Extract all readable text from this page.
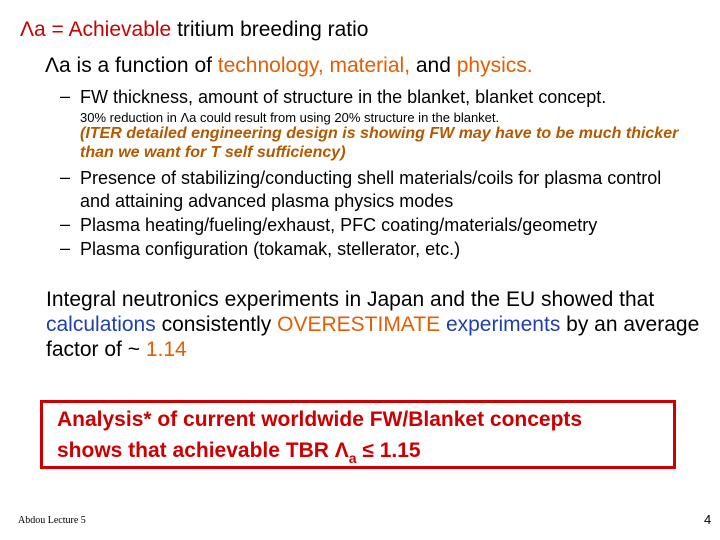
Λa = Achievable tritium breeding ratio
Λa is a function of technology, material, and physics.
– FW thickness, amount of structure in the blanket, blanket concept.
30% reduction in Λa could result from using 20% structure in the blanket.
(ITER detailed engineering design is showing FW may have to be much thicker than we want for T self sufficiency)
– Presence of stabilizing/conducting shell materials/coils for plasma control and attaining advanced plasma physics modes
– Plasma heating/fueling/exhaust, PFC coating/materials/geometry
– Plasma configuration (tokamak, stellerator, etc.)
Integral neutronics experiments in Japan and the EU showed that calculations consistently OVERESTIMATE experiments by an average factor of ~ 1.14
Analysis* of current worldwide FW/Blanket concepts
shows that achievable TBR $\Lambda_a \le 1.15$
Abdou Lecture 5	4
